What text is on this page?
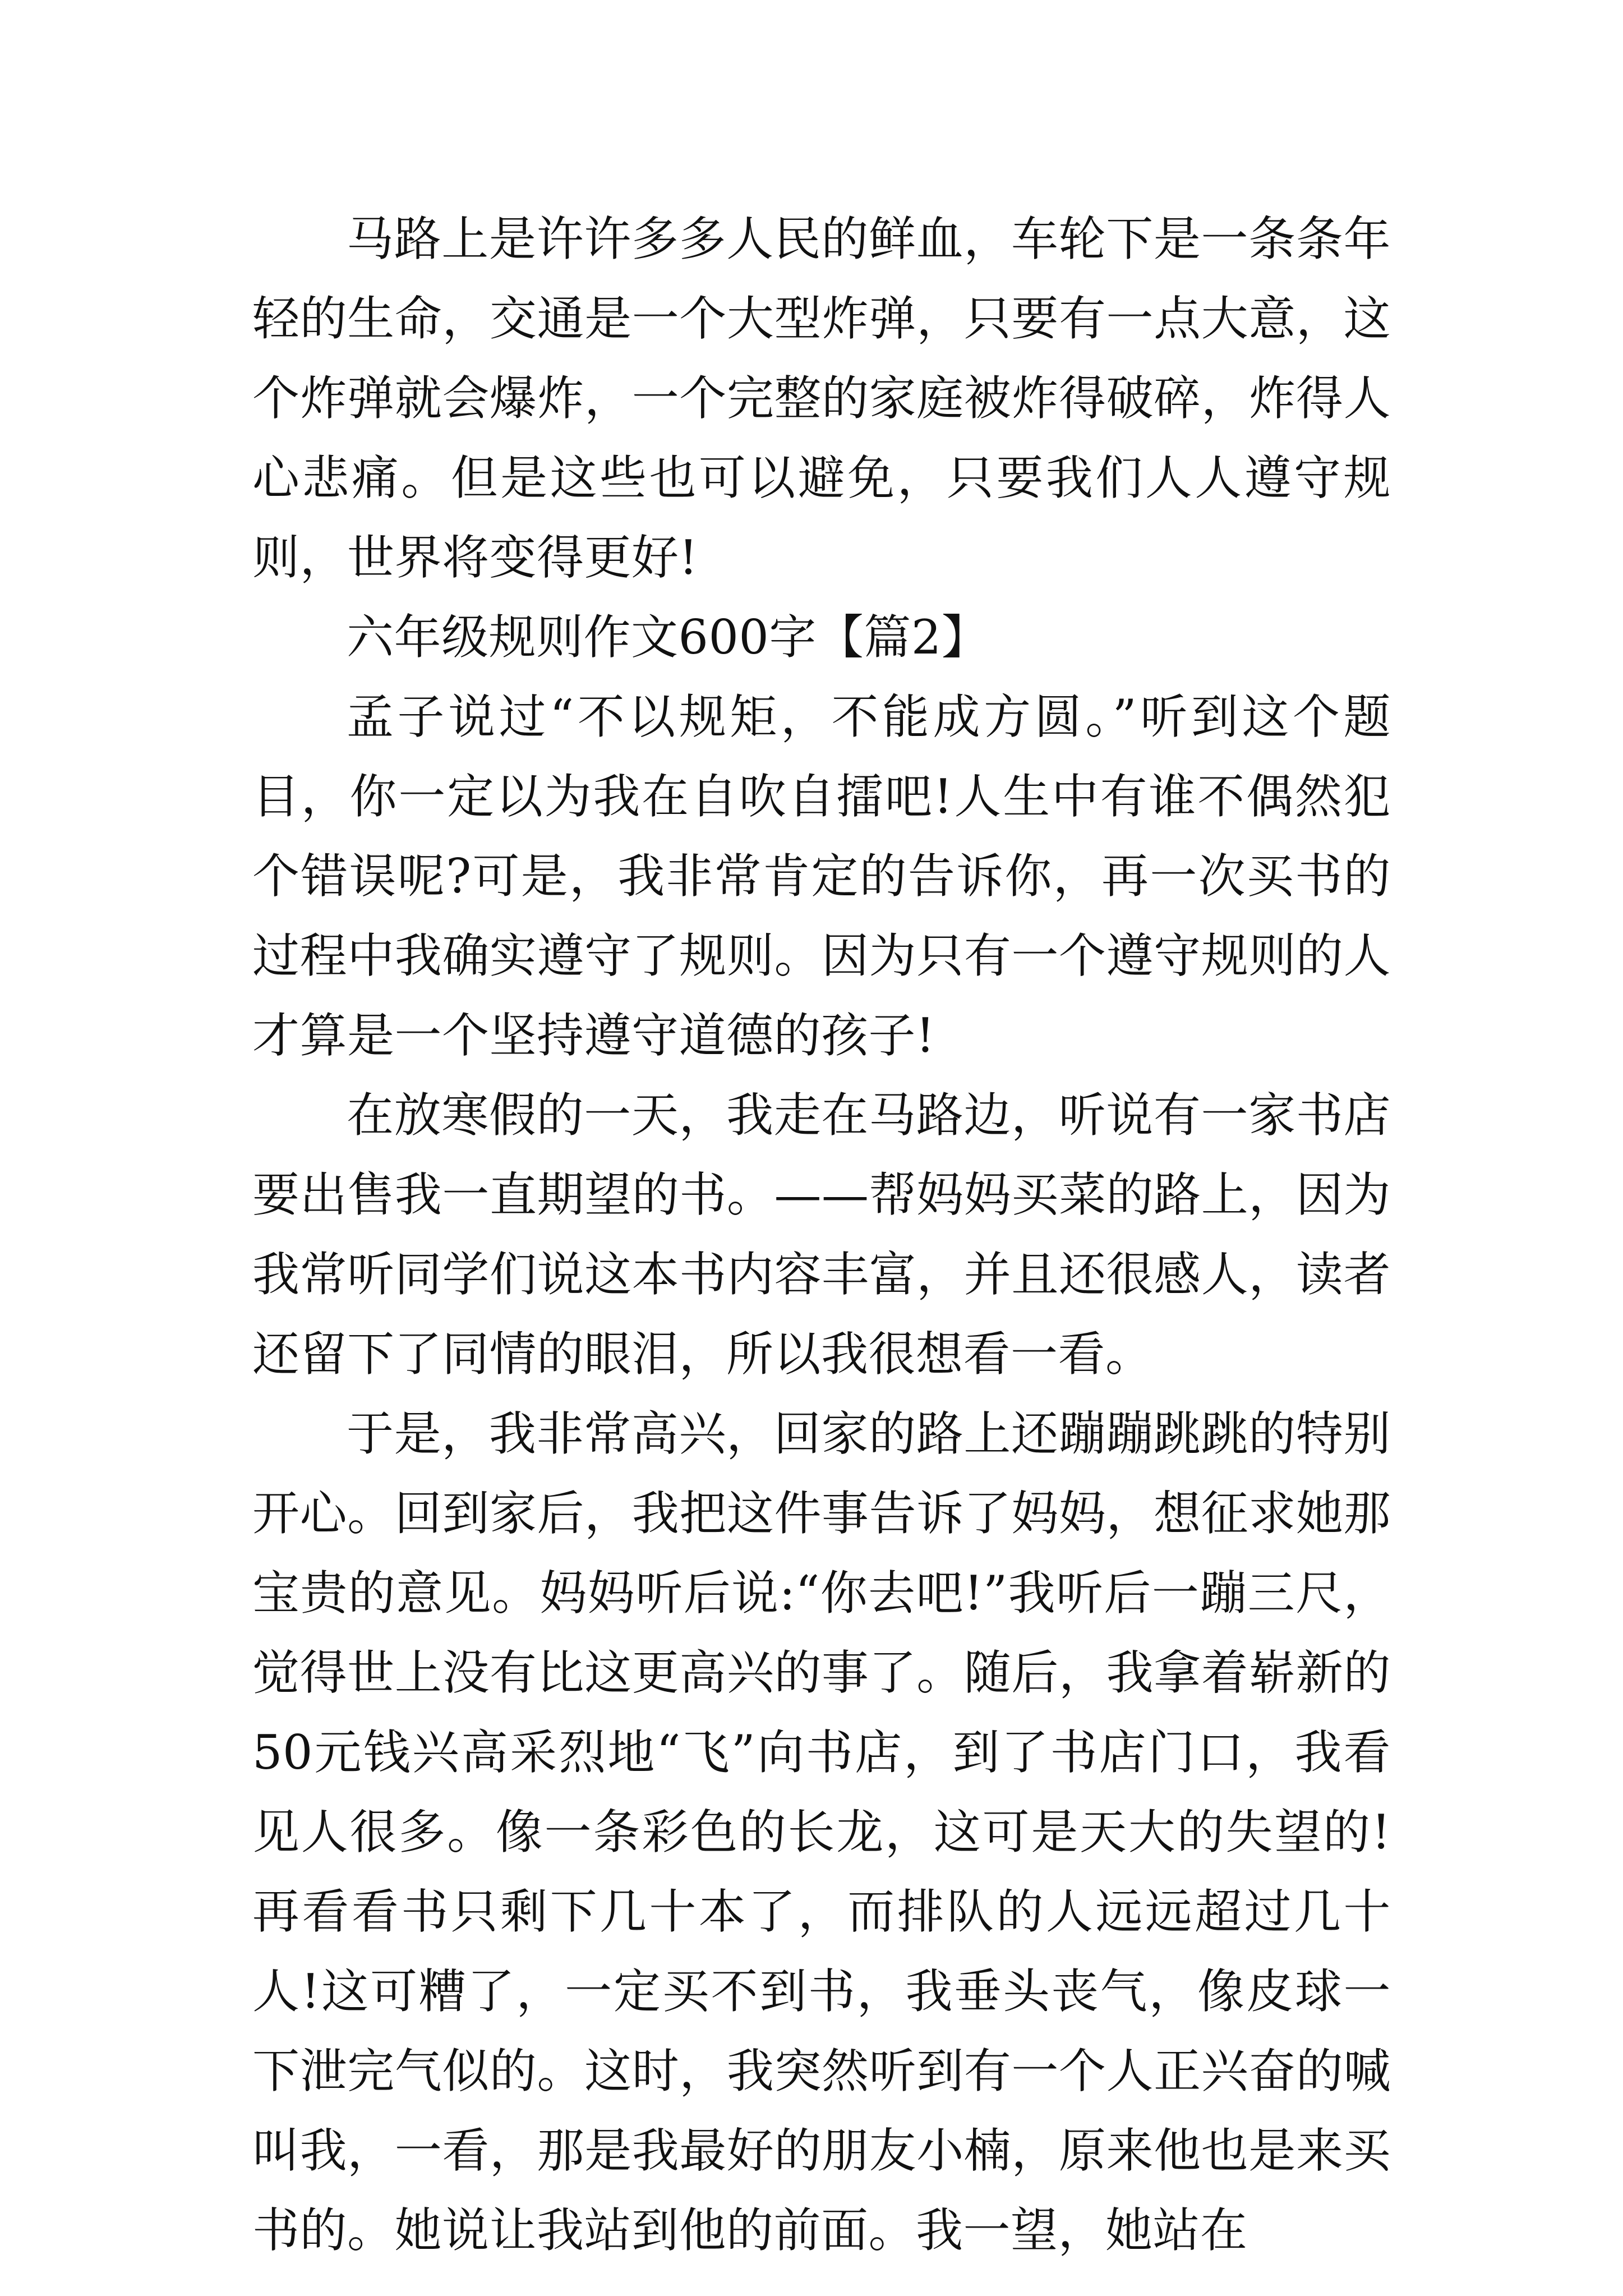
马路上是许许多多人民的鲜血，车轮下是一条条年轻的生命，交通是一个大型炸弹，只要有一点大意，这个炸弹就会爆炸，一个完整的家庭被炸得破碎，炸得人心悲痛。但是这些也可以避免，只要我们人人遵守规则，世界将变得更好!

六年级规则作文600字【篇2】

孟子说过“不以规矩，不能成方圆。”听到这个题目，你一定以为我在自吹自擂吧!人生中有谁不偶然犯个错误呢?可是，我非常肯定的告诉你，再一次买书的过程中我确实遵守了规则。因为只有一个遵守规则的人才算是一个坚持遵守道德的孩子!

在放寒假的一天，我走在马路边，听说有一家书店要出售我一直期望的书。——帮妈妈买菜的路上，因为我常听同学们说这本书内容丰富，并且还很感人，读者还留下了同情的眼泪，所以我很想看一看。

于是，我非常高兴，回家的路上还蹦蹦跳跳的特别开心。回到家后，我把这件事告诉了妈妈，想征求她那宝贵的意见。妈妈听后说:“你去吧!”我听后一蹦三尺，觉得世上没有比这更高兴的事了。随后，我拿着崭新的50元钱兴高采烈地“飞”向书店，到了书店门口，我看见人很多。像一条彩色的长龙，这可是天大的失望的!再看看书只剩下几十本了，而排队的人远远超过几十人!这可糟了，一定买不到书，我垂头丧气，像皮球一下泄完气似的。这时，我突然听到有一个人正兴奋的喊叫我，一看，那是我最好的朋友小楠，原来他也是来买书的。她说让我站到他的前面。我一望，她站在
